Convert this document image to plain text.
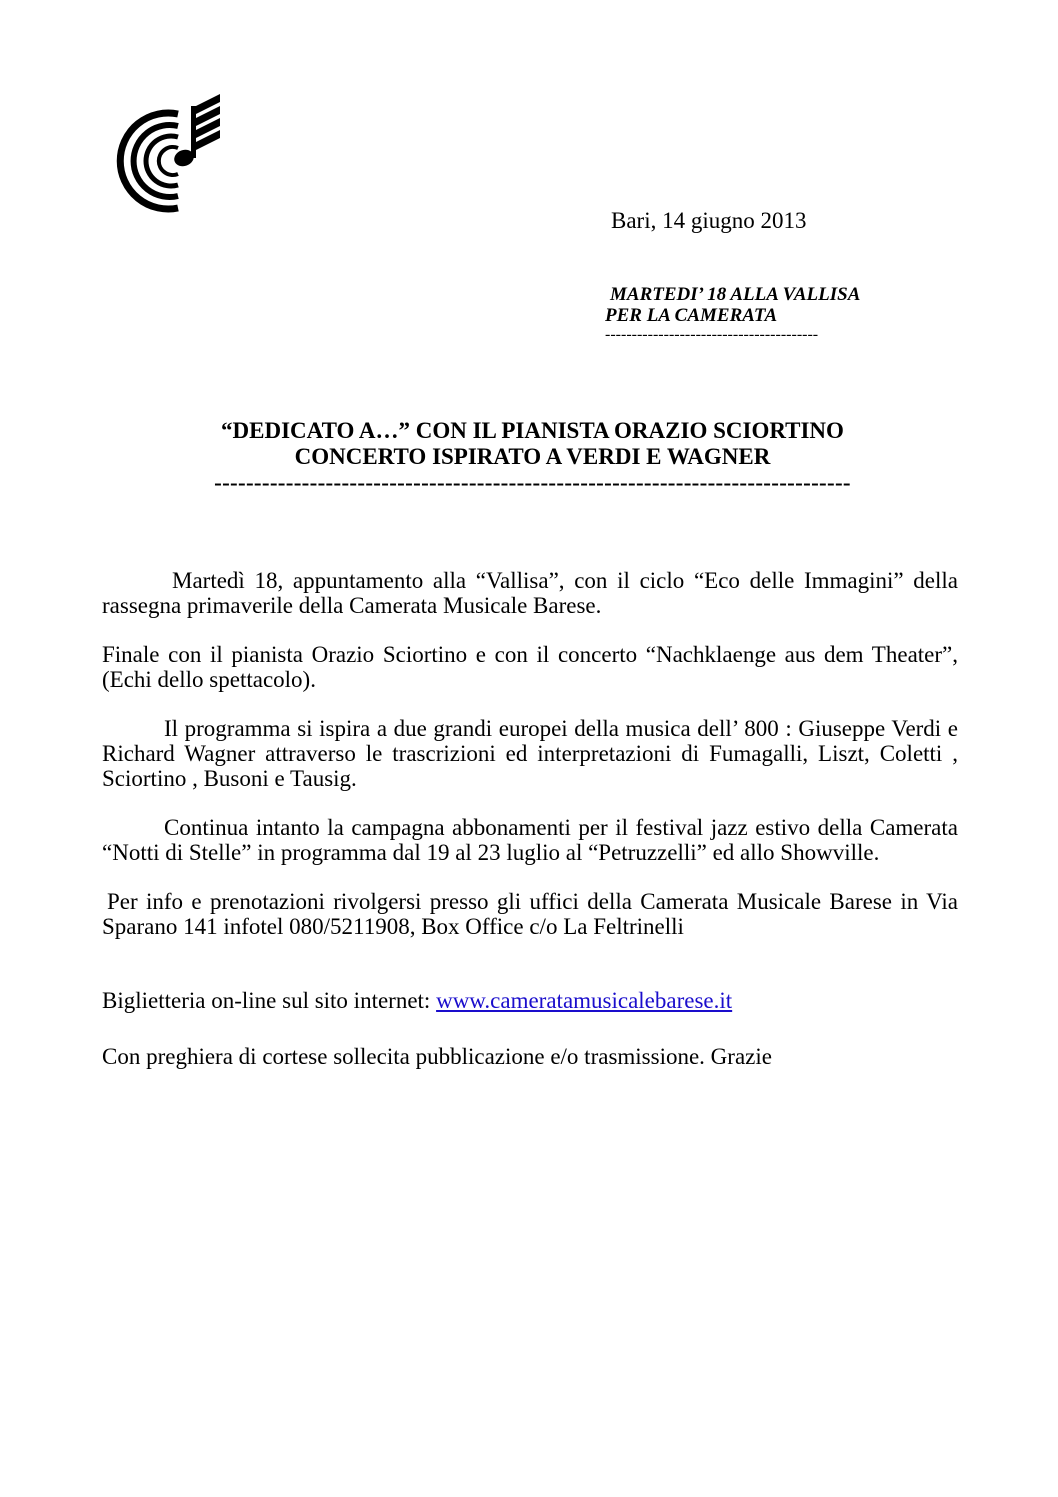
Bari, 14 giugno 2013
MARTEDI’ 18 ALLA VALLISA
PER LA CAMERATA
----------------------------------------
“DEDICATO A…” CON IL PIANISTA ORAZIO SCIORTINO
CONCERTO ISPIRATO A VERDI E WAGNER
--------------------------------------------------------------------------------

Martedì 18, appuntamento alla “Vallisa”, con il ciclo “Eco delle Immagini” della rassegna primaverile della Camerata Musicale Barese.

Finale con il pianista Orazio Sciortino e con il concerto “Nachklaenge aus dem Theater”, (Echi dello spettacolo).

Il programma si ispira a due grandi europei della musica dell’ 800 : Giuseppe Verdi e Richard Wagner attraverso le trascrizioni ed interpretazioni di Fumagalli, Liszt, Coletti , Sciortino , Busoni e Tausig.

Continua intanto la campagna abbonamenti per il festival jazz estivo della Camerata “Notti di Stelle” in programma dal 19 al 23 luglio al “Petruzzelli” ed allo Showville.

Per info e prenotazioni rivolgersi presso gli uffici della Camerata Musicale Barese in Via Sparano 141 infotel 080/5211908, Box Office c/o La Feltrinelli

Biglietteria on-line sul sito internet: www.cameratamusicalebarese.it

Con preghiera di cortese sollecita pubblicazione e/o trasmissione. Grazie
